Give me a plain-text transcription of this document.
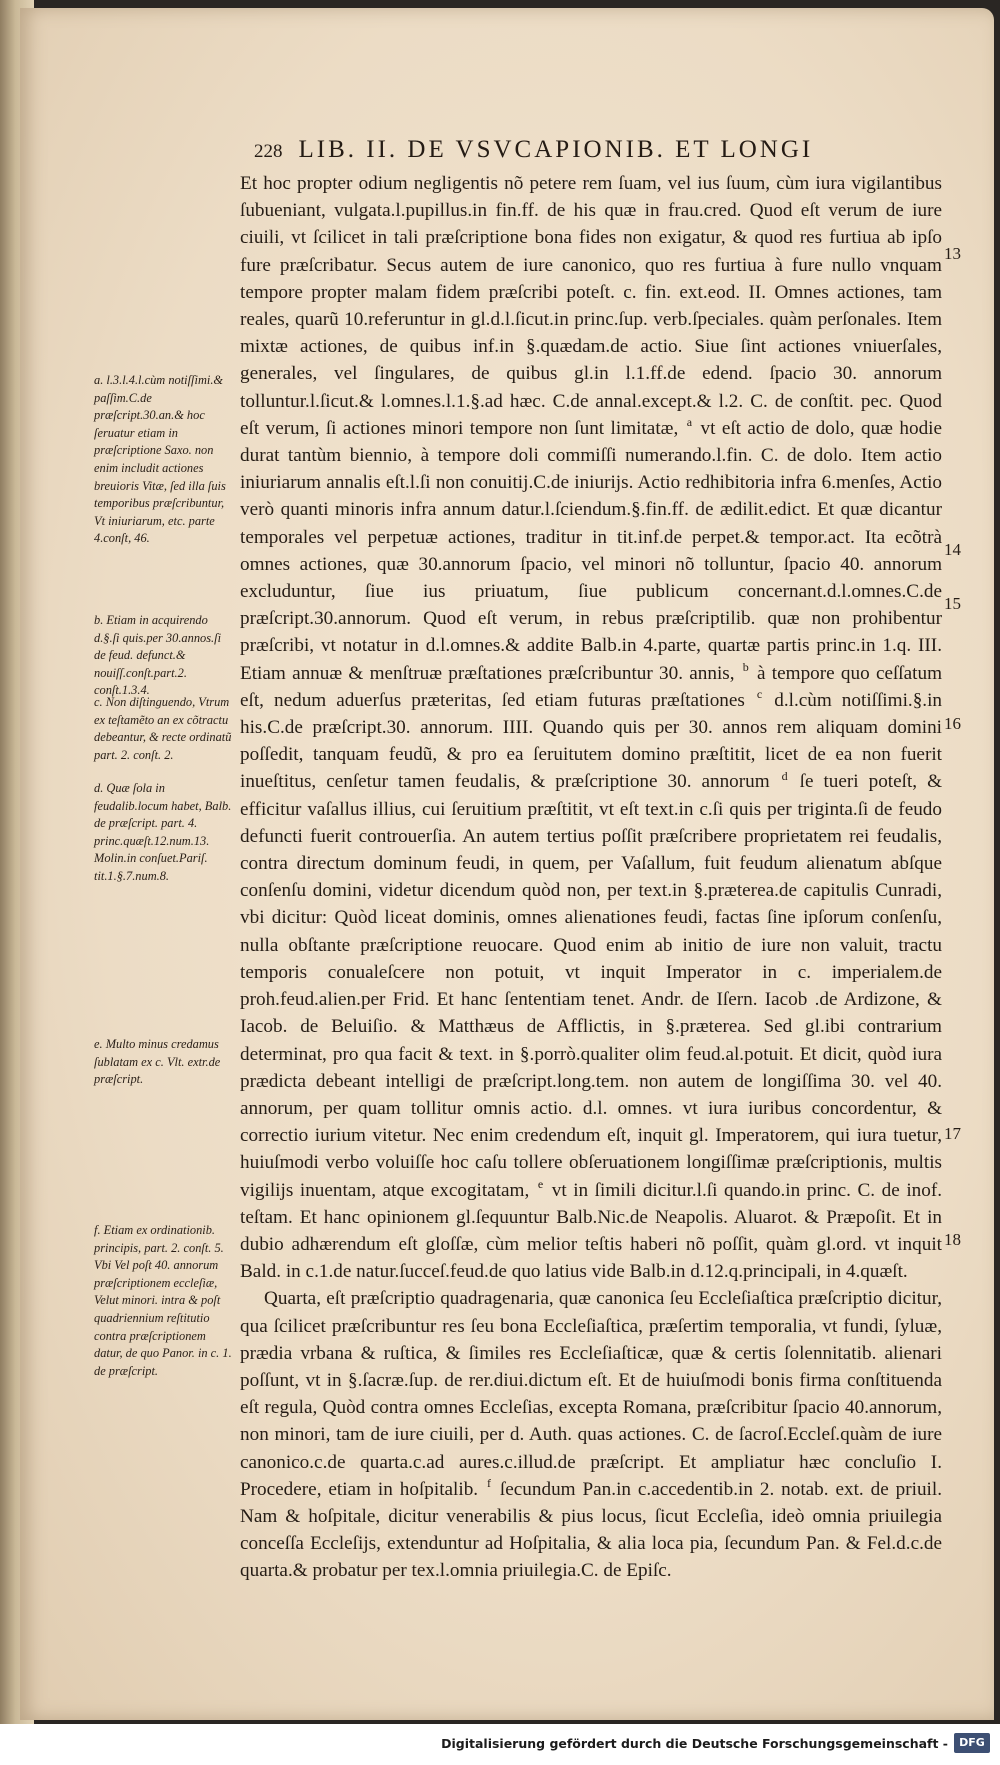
228 LIB. II. DE VSVCAPIONIB. ET LONGI

Et hoc propter odium negligentis nõ petere rem ſuam, vel ius ſuum, cùm iura vigilantibus ſubueniant, vulgata.l.pupillus.in fin.ff. de his quæ in frau.cred. Quod eſt verum de iure ciuili, vt ſcilicet in tali præſcriptione bona fides non exigatur, & quod res furtiua ab ipſo fure præſcribatur. Secus autem de iure canonico, quo res furtiua à fure nullo vnquam tempore propter malam fidem præſcribi poteſt. c. fin. ext.eod. II. Omnes actiones, tam reales, quarũ 10.referuntur in gl.d.l.ſicut.in princ.ſup. verb.ſpeciales. quàm perſonales. Item mixtæ actiones, de quibus inf.in §.quædam.de actio. Siue ſint actiones vniuerſales, generales, vel ſingulares, de quibus gl.in l.1.ff.de edend. ſpacio 30. annorum tolluntur.l.ſicut.& l.omnes.l.1.§.ad hæc. C.de annal.except.& l.2. C. de conſtit. pec. Quod eſt verum, ſi actiones minori tempore non ſunt limitatæ, $^a$ vt eſt actio de dolo, quæ hodie durat tantùm biennio, à tempore doli commiſſi numerando.l.fin. C. de dolo. Item actio iniuriarum annalis eſt.l.ſi non conuitij.C.de iniurijs. Actio redhibitoria infra 6.menſes, Actio verò quanti minoris infra annum datur.l.ſciendum.§.fin.ff. de ædilit.edict. Et quæ dicantur temporales vel perpetuæ actiones, traditur in tit.inf.de perpet.& tempor.act. Ita ecõtrà omnes actiones, quæ 30.annorum ſpacio, vel minori nõ tolluntur, ſpacio 40. annorum excluduntur, ſiue ius priuatum, ſiue publicum concernant.d.l.omnes.C.de præſcript.30.annorum. Quod eſt verum, in rebus præſcriptilib. quæ non prohibentur præſcribi, vt notatur in d.l.omnes.& addite Balb.in 4.parte, quartæ partis princ.in 1.q. III. Etiam annuæ & menſtruæ præſtationes præſcribuntur 30. annis, $^b$ à tempore quo ceſſatum eſt, nedum aduerſus præteritas, ſed etiam futuras præſtationes $^c$ d.l.cùm notiſſimi.§.in his.C.de præſcript.30. annorum. IIII. Quando quis per 30. annos rem aliquam domini poſſedit, tanquam feudũ, & pro ea ſeruitutem domino præſtitit, licet de ea non fuerit inueſtitus, cenſetur tamen feudalis, & præſcriptione 30. annorum $^d$ ſe tueri poteſt, & efficitur vaſallus illius, cui ſeruitium præſtitit, vt eſt text.in c.ſi quis per triginta.ſi de feudo defuncti fuerit controuerſia. An autem tertius poſſit præſcribere proprietatem rei feudalis, contra directum dominum feudi, in quem, per Vaſallum, fuit feudum alienatum abſque conſenſu domini, videtur dicendum quòd non, per text.in §.præterea.de capitulis Cunradi, vbi dicitur: Quòd liceat dominis, omnes alienationes feudi, factas ſine ipſorum conſenſu, nulla obſtante præſcriptione reuocare. Quod enim ab initio de iure non valuit, tractu temporis conualeſcere non potuit, vt inquit Imperator in c. imperialem.de proh.feud.alien.per Frid. Et hanc ſententiam tenet. Andr. de Iſern. Iacob .de Ardizone, & Iacob. de Beluiſio. & Matthæus de Afflictis, in §.præterea. Sed gl.ibi contrarium determinat, pro qua facit & text. in §.porrò.qualiter olim feud.al.potuit. Et dicit, quòd iura prædicta debeant intelligi de præſcript.long.tem. non autem de longiſſima 30. vel 40. annorum, per quam tollitur omnis actio. d.l. omnes. vt iura iuribus concordentur, & correctio iurium vitetur. Nec enim credendum eſt, inquit gl. Imperatorem, qui iura tuetur, huiuſmodi verbo voluiſſe hoc caſu tollere obſeruationem longiſſimæ præſcriptionis, multis vigilijs inuentam, atque excogitatam, $^e$ vt in ſimili dicitur.l.ſi quando.in princ. C. de inof. teſtam. Et hanc opinionem gl.ſequuntur Balb.Nic.de Neapolis. Aluarot. & Præpoſit. Et in dubio adhærendum eſt gloſſæ, cùm melior teſtis haberi nõ poſſit, quàm gl.ord. vt inquit Bald. in c.1.de natur.ſucceſ.feud.de quo latius vide Balb.in d.12.q.principali, in 4.quæſt.

Quarta, eſt præſcriptio quadragenaria, quæ canonica ſeu Eccleſiaſtica præſcriptio dicitur, qua ſcilicet præſcribuntur res ſeu bona Eccleſiaſtica, præſertim temporalia, vt fundi, ſyluæ, prædia vrbana & ruſtica, & ſimiles res Eccleſiaſticæ, quæ & certis ſolennitatib. alienari poſſunt, vt in §.ſacræ.ſup. de rer.diui.dictum eſt. Et de huiuſmodi bonis firma conſtituenda eſt regula, Quòd contra omnes Eccleſias, excepta Romana, præſcribitur ſpacio 40.annorum, non minori, tam de iure ciuili, per d. Auth. quas actiones. C. de ſacroſ.Eccleſ.quàm de iure canonico.c.de quarta.c.ad aures.c.illud.de præſcript. Et ampliatur hæc concluſio I. Procedere, etiam in hoſpitalib. $^f$ ſecundum Pan.in c.accedentib.in 2. notab. ext. de priuil. Nam & hoſpitale, dicitur venerabilis & pius locus, ſicut Eccleſia, ideò omnia priuilegia conceſſa Eccleſijs, extenduntur ad Hoſpitalia, & alia loca pia, ſecundum Pan. & Fel.d.c.de quarta.& probatur per tex.l.omnia priuilegia.C. de Epiſc.

13
14
15
16
17
18
a. l.3.l.4.l.cùm notiſſimi.& paſſim.C.de præſcript.30.an.& hoc ſeruatur etiam in præſcriptione Saxo. non enim includit actiones breuioris Vitæ, ſed illa ſuis temporibus præſcribuntur, Vt iniuriarum, etc. parte 4.conſt, 46.
b. Etiam in acquirendo d.§.ſi quis.per 30.annos.ſi de feud. defunct.& nouiſſ.conſt.part.2. conſt.1.3.4.
c. Non diſtinguendo, Vtrum ex teſtamẽto an ex cõtractu debeantur, & recte ordinatũ part. 2. conſt. 2.
d. Quæ ſola in feudalib.locum habet, Balb. de præſcript. part. 4. princ.quæſt.12.num.13. Molin.in conſuet.Pariſ. tit.1.§.7.num.8.
e. Multo minus credamus ſublatam ex c. Vlt. extr.de præſcript.
f. Etiam ex ordinationib. principis, part. 2. conſt. 5. Vbi Vel poſt 40. annorum præſcriptionem eccleſiæ, Velut minori. intra & poſt quadriennium reſtitutio contra præſcriptionem datur, de quo Panor. in c. 1. de præſcript.
Digitalisierung gefördert durch die Deutsche Forschungsgemeinschaft -	DFG
